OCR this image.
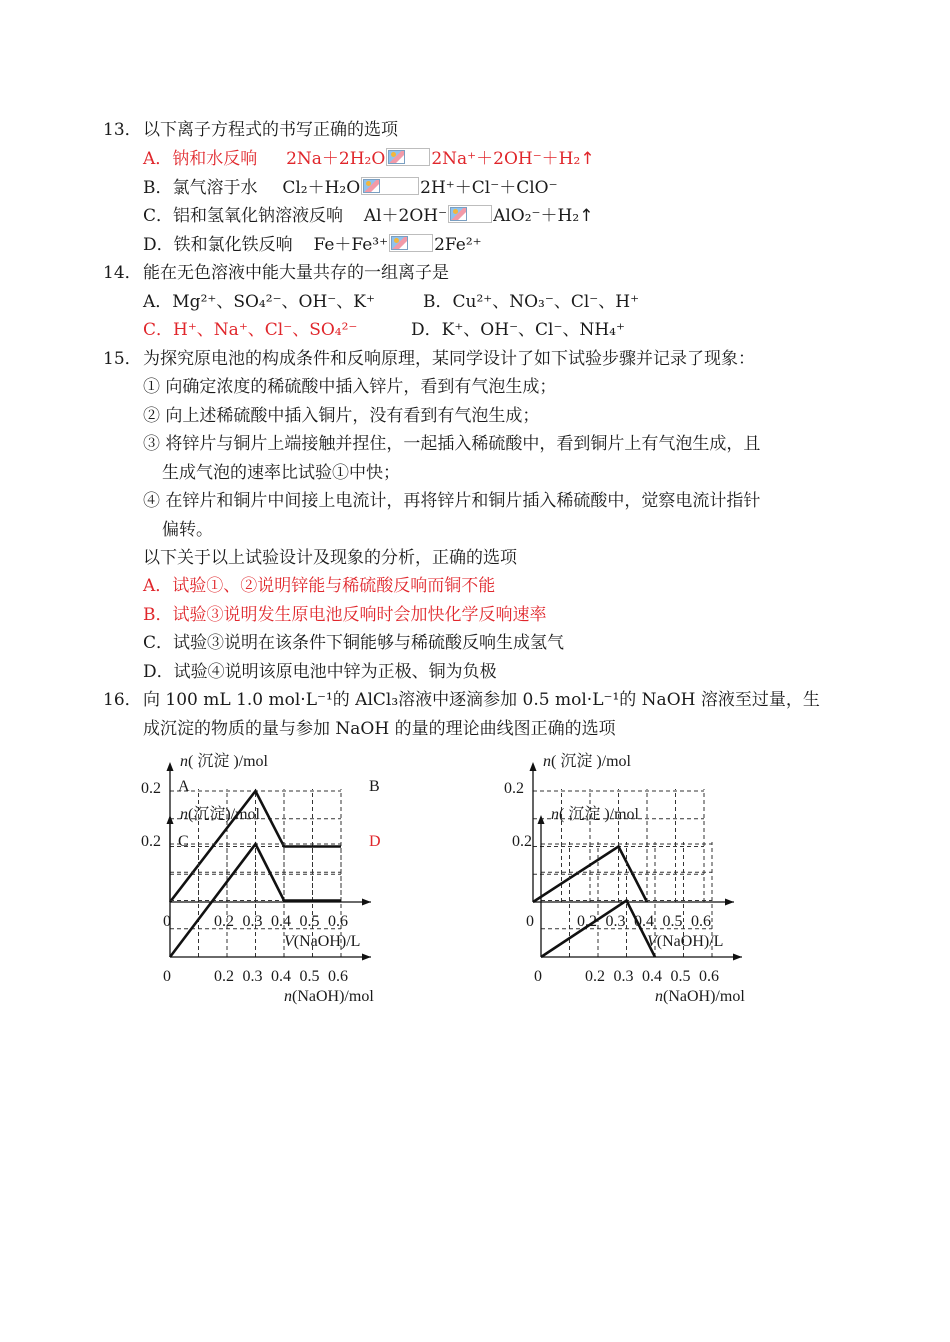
13． 以下离子方程式的书写正确的选项
A．钠和水反响 2Na＋2H₂O	2Na⁺＋2OH⁻＋H₂↑
B．氯气溶于水 Cl₂＋H₂O	2H⁺＋Cl⁻＋ClO⁻
C．铝和氢氧化钠溶液反响 Al＋2OH⁻	AlO₂⁻＋H₂↑
D．铁和氯化铁反响 Fe＋Fe³⁺	2Fe²⁺
14． 能在无色溶液中能大量共存的一组离子是
A．Mg²⁺、SO₄²⁻、OH⁻、K⁺	B．Cu²⁺、NO₃⁻、Cl⁻、H⁺
C．H⁺、Na⁺、Cl⁻、SO₄²⁻	D．K⁺、OH⁻、Cl⁻、NH₄⁺
15． 为探究原电池的构成条件和反响原理，某同学设计了如下试验步骤并记录了现象：
① 向确定浓度的稀硫酸中插入锌片，看到有气泡生成；
② 向上述稀硫酸中插入铜片，没有看到有气泡生成；
③ 将锌片与铜片上端接触并捏住，一起插入稀硫酸中，看到铜片上有气泡生成，且
生成气泡的速率比试验①中快；
④ 在锌片和铜片中间接上电流计，再将锌片和铜片插入稀硫酸中，觉察电流计指针
偏转。
以下关于以上试验设计及现象的分析，正确的选项
A．试验①、②说明锌能与稀硫酸反响而铜不能
B．试验③说明发生原电池反响时会加快化学反响速率
C．试验③说明在该条件下铜能够与稀硫酸反响生成氢气
D．试验④说明该原电池中锌为正极、铜为负极
16． 向 100 mL 1.0 mol·L⁻¹的 AlCl₃溶液中逐滴参加 0.5 mol·L⁻¹的 NaOH 溶液至过量，生
成沉淀的物质的量与参加 NaOH 的量的理论曲线图正确的选项
n( 沉淀 )/mol
0.2
0	0.2 0.3 0.4 0.5 0.6
V(NaOH)/L
n( 沉淀 )/mol
0.2
0	0.2 0.3 0.4 0.5 0.6
V(NaOH)/L
n(沉淀)/mol
0.2
0	0.2 0.3 0.4 0.5 0.6
n(NaOH)/mol
n( 沉淀 )/mol
0.2
0	0.2 0.3 0.4 0.5 0.6
n(NaOH)/mol
A	B
C	D
